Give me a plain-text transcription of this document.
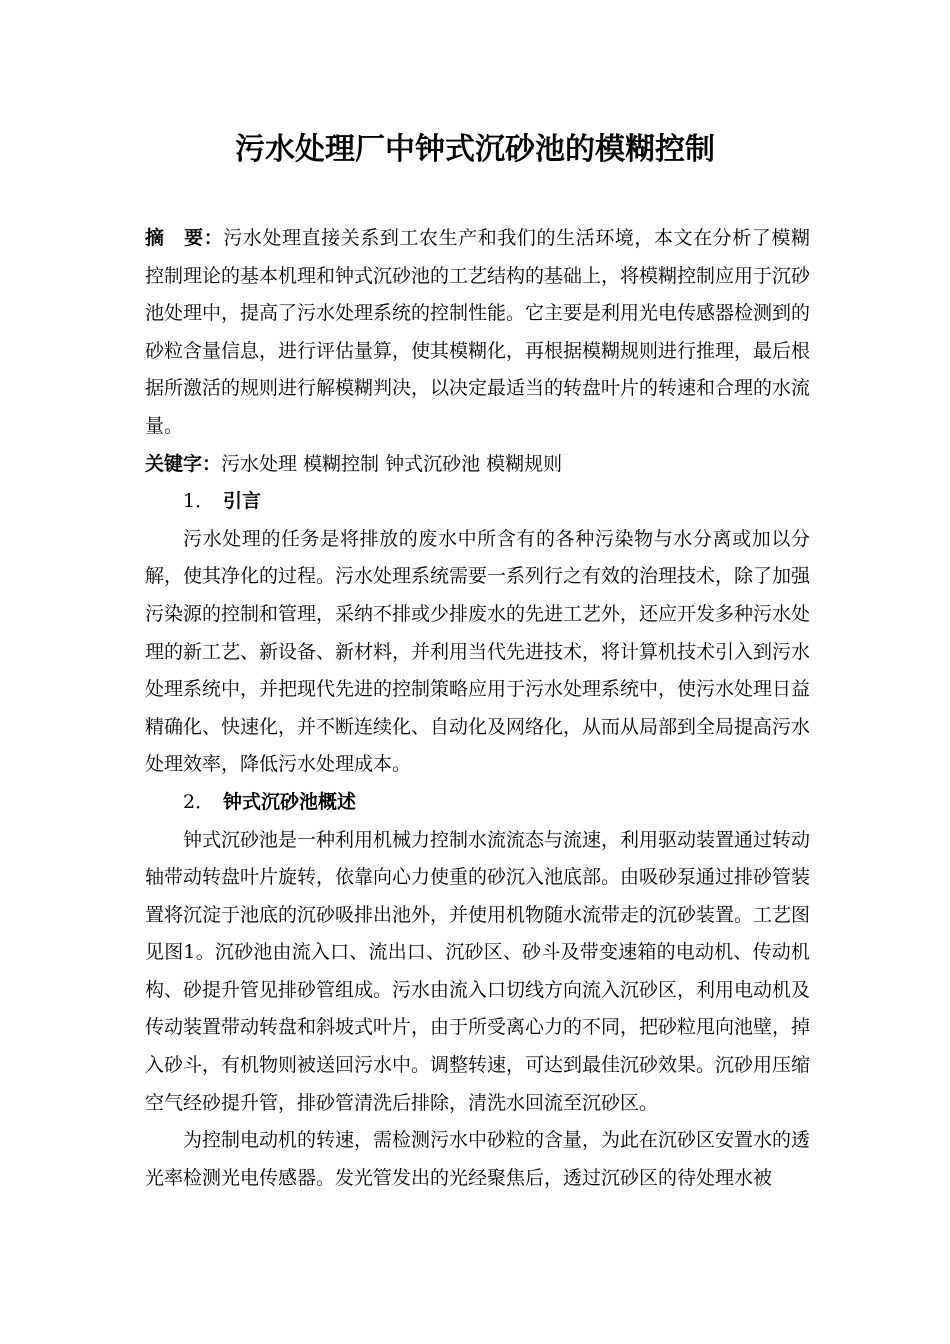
污水处理厂中钟式沉砂池的模糊控制

摘　要：污水处理直接关系到工农生产和我们的生活环境，本文在分析了模糊控制理论的基本机理和钟式沉砂池的工艺结构的基础上，将模糊控制应用于沉砂池处理中，提高了污水处理系统的控制性能。它主要是利用光电传感器检测到的砂粒含量信息，进行评估量算，使其模糊化，再根据模糊规则进行推理，最后根据所激活的规则进行解模糊判决，以决定最适当的转盘叶片的转速和合理的水流量。

关键字：污水处理 模糊控制 钟式沉砂池 模糊规则

1． 引言

污水处理的任务是将排放的废水中所含有的各种污染物与水分离或加以分解，使其净化的过程。污水处理系统需要一系列行之有效的治理技术，除了加强污染源的控制和管理，采纳不排或少排废水的先进工艺外，还应开发多种污水处理的新工艺、新设备、新材料，并利用当代先进技术，将计算机技术引入到污水处理系统中，并把现代先进的控制策略应用于污水处理系统中，使污水处理日益精确化、快速化，并不断连续化、自动化及网络化，从而从局部到全局提高污水处理效率，降低污水处理成本。

2． 钟式沉砂池概述

钟式沉砂池是一种利用机械力控制水流流态与流速，利用驱动装置通过转动轴带动转盘叶片旋转，依靠向心力使重的砂沉入池底部。由吸砂泵通过排砂管装置将沉淀于池底的沉砂吸排出池外，并使用机物随水流带走的沉砂装置。工艺图见图1。沉砂池由流入口、流出口、沉砂区、砂斗及带变速箱的电动机、传动机构、砂提升管见排砂管组成。污水由流入口切线方向流入沉砂区，利用电动机及传动装置带动转盘和斜坡式叶片，由于所受离心力的不同，把砂粒甩向池壁，掉入砂斗，有机物则被送回污水中。调整转速，可达到最佳沉砂效果。沉砂用压缩空气经砂提升管，排砂管清洗后排除，清洗水回流至沉砂区。

为控制电动机的转速，需检测污水中砂粒的含量，为此在沉砂区安置水的透光率检测光电传感器。发光管发出的光经聚焦后，透过沉砂区的待处理水被
